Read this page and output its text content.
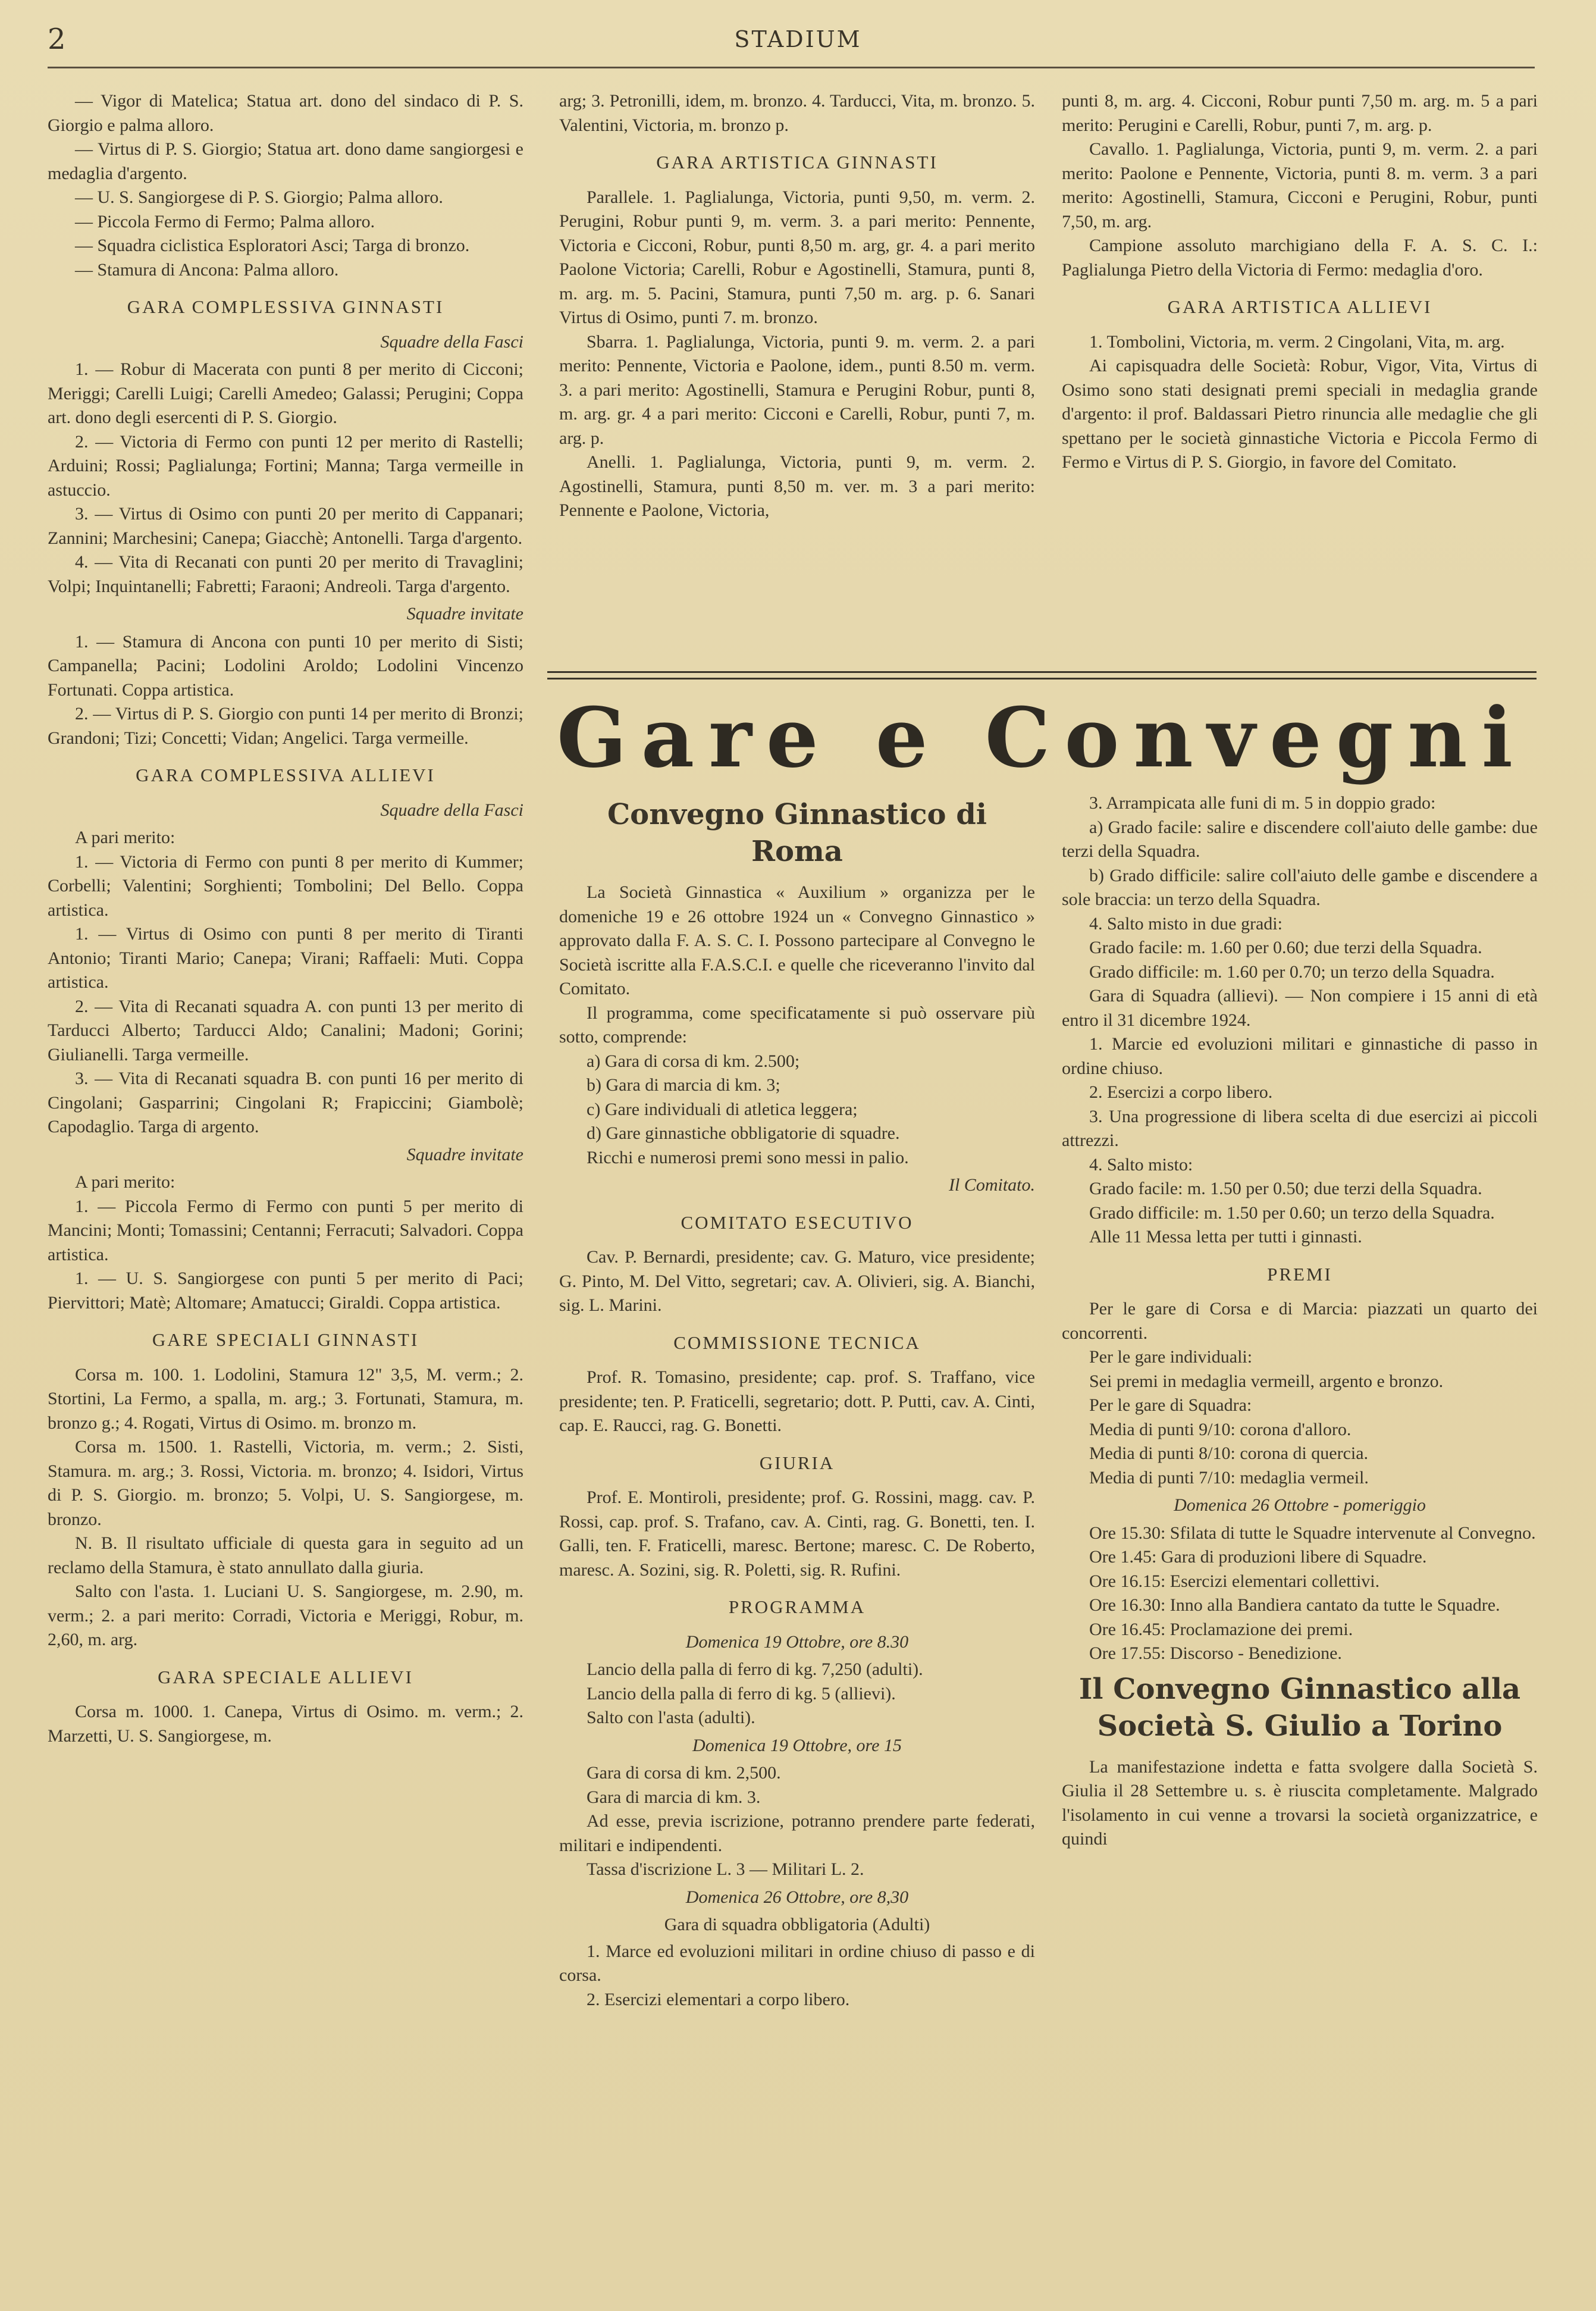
2	STADIUM

— Vigor di Matelica; Statua art. dono del sindaco di P. S. Giorgio e palma alloro.

— Virtus di P. S. Giorgio; Statua art. dono dame sangiorgesi e medaglia d'argento.

— U. S. Sangiorgese di P. S. Giorgio; Palma alloro.

— Piccola Fermo di Fermo; Palma alloro.

— Squadra ciclistica Esploratori Asci; Targa di bronzo.

— Stamura di Ancona: Palma alloro.

GARA COMPLESSIVA GINNASTI

Squadre della Fasci

1. — Robur di Macerata con punti 8 per merito di Cicconi; Meriggi; Carelli Luigi; Carelli Amedeo; Galassi; Perugini; Coppa art. dono degli esercenti di P. S. Giorgio.

2. — Victoria di Fermo con punti 12 per merito di Rastelli; Arduini; Rossi; Paglialunga; Fortini; Manna; Targa vermeille in astuccio.

3. — Virtus di Osimo con punti 20 per merito di Cappanari; Zannini; Marchesini; Canepa; Giacchè; Antonelli. Targa d'argento.

4. — Vita di Recanati con punti 20 per merito di Travaglini; Volpi; Inquintanelli; Fabretti; Faraoni; Andreoli. Targa d'argento.

Squadre invitate

1. — Stamura di Ancona con punti 10 per merito di Sisti; Campanella; Pacini; Lodolini Aroldo; Lodolini Vincenzo Fortunati. Coppa artistica.

2. — Virtus di P. S. Giorgio con punti 14 per merito di Bronzi; Grandoni; Tizi; Concetti; Vidan; Angelici. Targa vermeille.

GARA COMPLESSIVA ALLIEVI

Squadre della Fasci

A pari merito:

1. — Victoria di Fermo con punti 8 per merito di Kummer; Corbelli; Valentini; Sorghienti; Tombolini; Del Bello. Coppa artistica.

1. — Virtus di Osimo con punti 8 per merito di Tiranti Antonio; Tiranti Mario; Canepa; Virani; Raffaeli: Muti. Coppa artistica.

2. — Vita di Recanati squadra A. con punti 13 per merito di Tarducci Alberto; Tarducci Aldo; Canalini; Madoni; Gorini; Giulianelli. Targa vermeille.

3. — Vita di Recanati squadra B. con punti 16 per merito di Cingolani; Gasparrini; Cingolani R; Frapiccini; Giambolè; Capodaglio. Targa di argento.

Squadre invitate

A pari merito:

1. — Piccola Fermo di Fermo con punti 5 per merito di Mancini; Monti; Tomassini; Centanni; Ferracuti; Salvadori. Coppa artistica.

1. — U. S. Sangiorgese con punti 5 per merito di Paci; Piervittori; Matè; Altomare; Amatucci; Giraldi. Coppa artistica.

GARE SPECIALI GINNASTI

Corsa m. 100. 1. Lodolini, Stamura 12" 3,5, M. verm.; 2. Stortini, La Fermo, a spalla, m. arg.; 3. Fortunati, Stamura, m. bronzo g.; 4. Rogati, Virtus di Osimo. m. bronzo m.

Corsa m. 1500. 1. Rastelli, Victoria, m. verm.; 2. Sisti, Stamura. m. arg.; 3. Rossi, Victoria. m. bronzo; 4. Isidori, Virtus di P. S. Giorgio. m. bronzo; 5. Volpi, U. S. Sangiorgese, m. bronzo.

N. B. Il risultato ufficiale di questa gara in seguito ad un reclamo della Stamura, è stato annullato dalla giuria.

Salto con l'asta. 1. Luciani U. S. Sangiorgese, m. 2.90, m. verm.; 2. a pari merito: Corradi, Victoria e Meriggi, Robur, m. 2,60, m. arg.

GARA SPECIALE ALLIEVI

Corsa m. 1000. 1. Canepa, Virtus di Osimo. m. verm.; 2. Marzetti, U. S. Sangiorgese, m.

arg; 3. Petronilli, idem, m. bronzo. 4. Tarducci, Vita, m. bronzo. 5. Valentini, Victoria, m. bronzo p.

GARA ARTISTICA GINNASTI

Parallele. 1. Paglialunga, Victoria, punti 9,50, m. verm. 2. Perugini, Robur punti 9, m. verm. 3. a pari merito: Pennente, Victoria e Cicconi, Robur, punti 8,50 m. arg, gr. 4. a pari merito Paolone Victoria; Carelli, Robur e Agostinelli, Stamura, punti 8, m. arg. m. 5. Pacini, Stamura, punti 7,50 m. arg. p. 6. Sanari Virtus di Osimo, punti 7. m. bronzo.

Sbarra. 1. Paglialunga, Victoria, punti 9. m. verm. 2. a pari merito: Pennente, Victoria e Paolone, idem., punti 8.50 m. verm. 3. a pari merito: Agostinelli, Stamura e Perugini Robur, punti 8, m. arg. gr. 4 a pari merito: Cicconi e Carelli, Robur, punti 7, m. arg. p.

Anelli. 1. Paglialunga, Victoria, punti 9, m. verm. 2. Agostinelli, Stamura, punti 8,50 m. ver. m. 3 a pari merito: Pennente e Paolone, Victoria,

punti 8, m. arg. 4. Cicconi, Robur punti 7,50 m. arg. m. 5 a pari merito: Perugini e Carelli, Robur, punti 7, m. arg. p.

Cavallo. 1. Paglialunga, Victoria, punti 9, m. verm. 2. a pari merito: Paolone e Pennente, Victoria, punti 8. m. verm. 3 a pari merito: Agostinelli, Stamura, Cicconi e Perugini, Robur, punti 7,50, m. arg.

Campione assoluto marchigiano della F. A. S. C. I.: Paglialunga Pietro della Victoria di Fermo: medaglia d'oro.

GARA ARTISTICA ALLIEVI

1. Tombolini, Victoria, m. verm. 2 Cingolani, Vita, m. arg.

Ai capisquadra delle Società: Robur, Vigor, Vita, Virtus di Osimo sono stati designati premi speciali in medaglia grande d'argento: il prof. Baldassari Pietro rinuncia alle medaglie che gli spettano per le società ginnastiche Victoria e Piccola Fermo di Fermo e Virtus di P. S. Giorgio, in favore del Comitato.

Gare e Convegni
Convegno Ginnastico di Roma

La Società Ginnastica « Auxilium » organizza per le domeniche 19 e 26 ottobre 1924 un « Convegno Ginnastico » approvato dalla F. A. S. C. I. Possono partecipare al Convegno le Società iscritte alla F.A.S.C.I. e quelle che riceveranno l'invito dal Comitato.

Il programma, come specificatamente si può osservare più sotto, comprende:

a) Gara di corsa di km. 2.500;

b) Gara di marcia di km. 3;

c) Gare individuali di atletica leggera;

d) Gare ginnastiche obbligatorie di squadre.

Ricchi e numerosi premi sono messi in palio.

Il Comitato.

COMITATO ESECUTIVO

Cav. P. Bernardi, presidente; cav. G. Maturo, vice presidente; G. Pinto, M. Del Vitto, segretari; cav. A. Olivieri, sig. A. Bianchi, sig. L. Marini.

COMMISSIONE TECNICA

Prof. R. Tomasino, presidente; cap. prof. S. Traffano, vice presidente; ten. P. Fraticelli, segretario; dott. P. Putti, cav. A. Cinti, cap. E. Raucci, rag. G. Bonetti.

GIURIA

Prof. E. Montiroli, presidente; prof. G. Rossini, magg. cav. P. Rossi, cap. prof. S. Trafano, cav. A. Cinti, rag. G. Bonetti, ten. I. Galli, ten. F. Fraticelli, maresc. Bertone; maresc. C. De Roberto, maresc. A. Sozini, sig. R. Poletti, sig. R. Rufini.

PROGRAMMA

Domenica 19 Ottobre, ore 8.30

Lancio della palla di ferro di kg. 7,250 (adulti).

Lancio della palla di ferro di kg. 5 (allievi).

Salto con l'asta (adulti).

Domenica 19 Ottobre, ore 15

Gara di corsa di km. 2,500.

Gara di marcia di km. 3.

Ad esse, previa iscrizione, potranno prendere parte federati, militari e indipendenti.

Tassa d'iscrizione L. 3 — Militari L. 2.

Domenica 26 Ottobre, ore 8,30

Gara di squadra obbligatoria (Adulti)

1. Marce ed evoluzioni militari in ordine chiuso di passo e di corsa.

2. Esercizi elementari a corpo libero.

3. Arrampicata alle funi di m. 5 in doppio grado:

a) Grado facile: salire e discendere coll'aiuto delle gambe: due terzi della Squadra.

b) Grado difficile: salire coll'aiuto delle gambe e discendere a sole braccia: un terzo della Squadra.

4. Salto misto in due gradi:

Grado facile: m. 1.60 per 0.60; due terzi della Squadra.

Grado difficile: m. 1.60 per 0.70; un terzo della Squadra.

Gara di Squadra (allievi). — Non compiere i 15 anni di età entro il 31 dicembre 1924.

1. Marcie ed evoluzioni militari e ginnastiche di passo in ordine chiuso.

2. Esercizi a corpo libero.

3. Una progressione di libera scelta di due esercizi ai piccoli attrezzi.

4. Salto misto:

Grado facile: m. 1.50 per 0.50; due terzi della Squadra.

Grado difficile: m. 1.50 per 0.60; un terzo della Squadra.

Alle 11 Messa letta per tutti i ginnasti.

PREMI

Per le gare di Corsa e di Marcia: piazzati un quarto dei concorrenti.

Per le gare individuali:

Sei premi in medaglia vermeill, argento e bronzo.

Per le gare di Squadra:

Media di punti 9/10: corona d'alloro.

Media di punti 8/10: corona di quercia.

Media di punti 7/10: medaglia vermeil.

Domenica 26 Ottobre - pomeriggio

Ore 15.30: Sfilata di tutte le Squadre intervenute al Convegno.

Ore 1.45: Gara di produzioni libere di Squadre.

Ore 16.15: Esercizi elementari collettivi.

Ore 16.30: Inno alla Bandiera cantato da tutte le Squadre.

Ore 16.45: Proclamazione dei premi.

Ore 17.55: Discorso - Benedizione.

Il Convegno Ginnastico alla Società S. Giulio a Torino

La manifestazione indetta e fatta svolgere dalla Società S. Giulia il 28 Settembre u. s. è riuscita completamente. Malgrado l'isolamento in cui venne a trovarsi la società organizzatrice, e quindi
